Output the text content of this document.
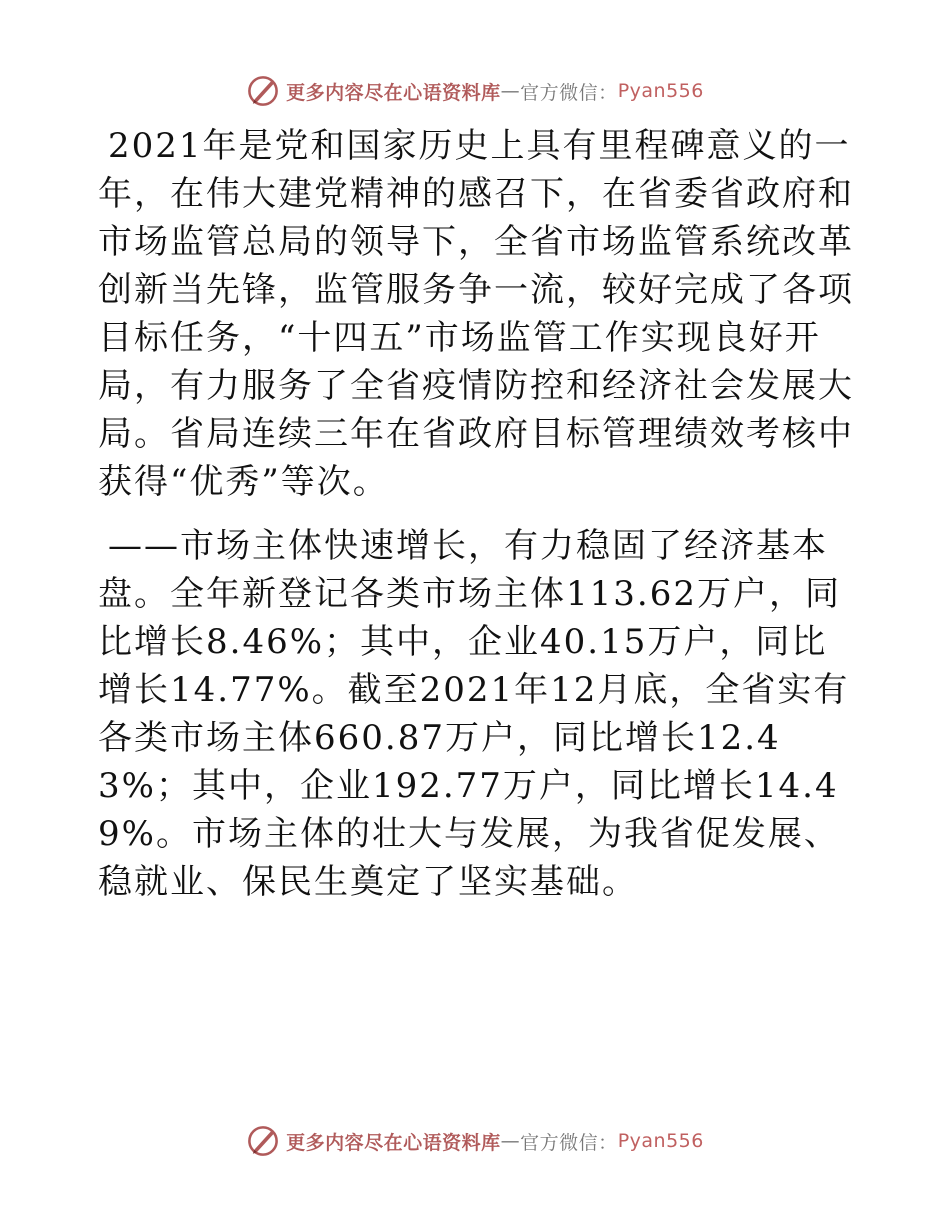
更多内容尽在心语资料库 — 官方微信： Pyan556

2021年是党和国家历史上具有里程碑意义的一年，在伟大建党精神的感召下，在省委省政府和市场监管总局的领导下，全省市场监管系统改革创新当先锋，监管服务争一流，较好完成了各项目标任务，“十四五”市场监管工作实现良好开局，有力服务了全省疫情防控和经济社会发展大局。省局连续三年在省政府目标管理绩效考核中获得“优秀”等次。

——市场主体快速增长，有力稳固了经济基本盘。全年新登记各类市场主体113.62万户，同比增长8.46%；其中，企业40.15万户，同比增长14.77%。截至2021年12月底，全省实有各类市场主体660.87万户，同比增长12.43%；其中，企业192.77万户，同比增长14.49%。市场主体的壮大与发展，为我省促发展、稳就业、保民生奠定了坚实基础。

更多内容尽在心语资料库 — 官方微信： Pyan556
